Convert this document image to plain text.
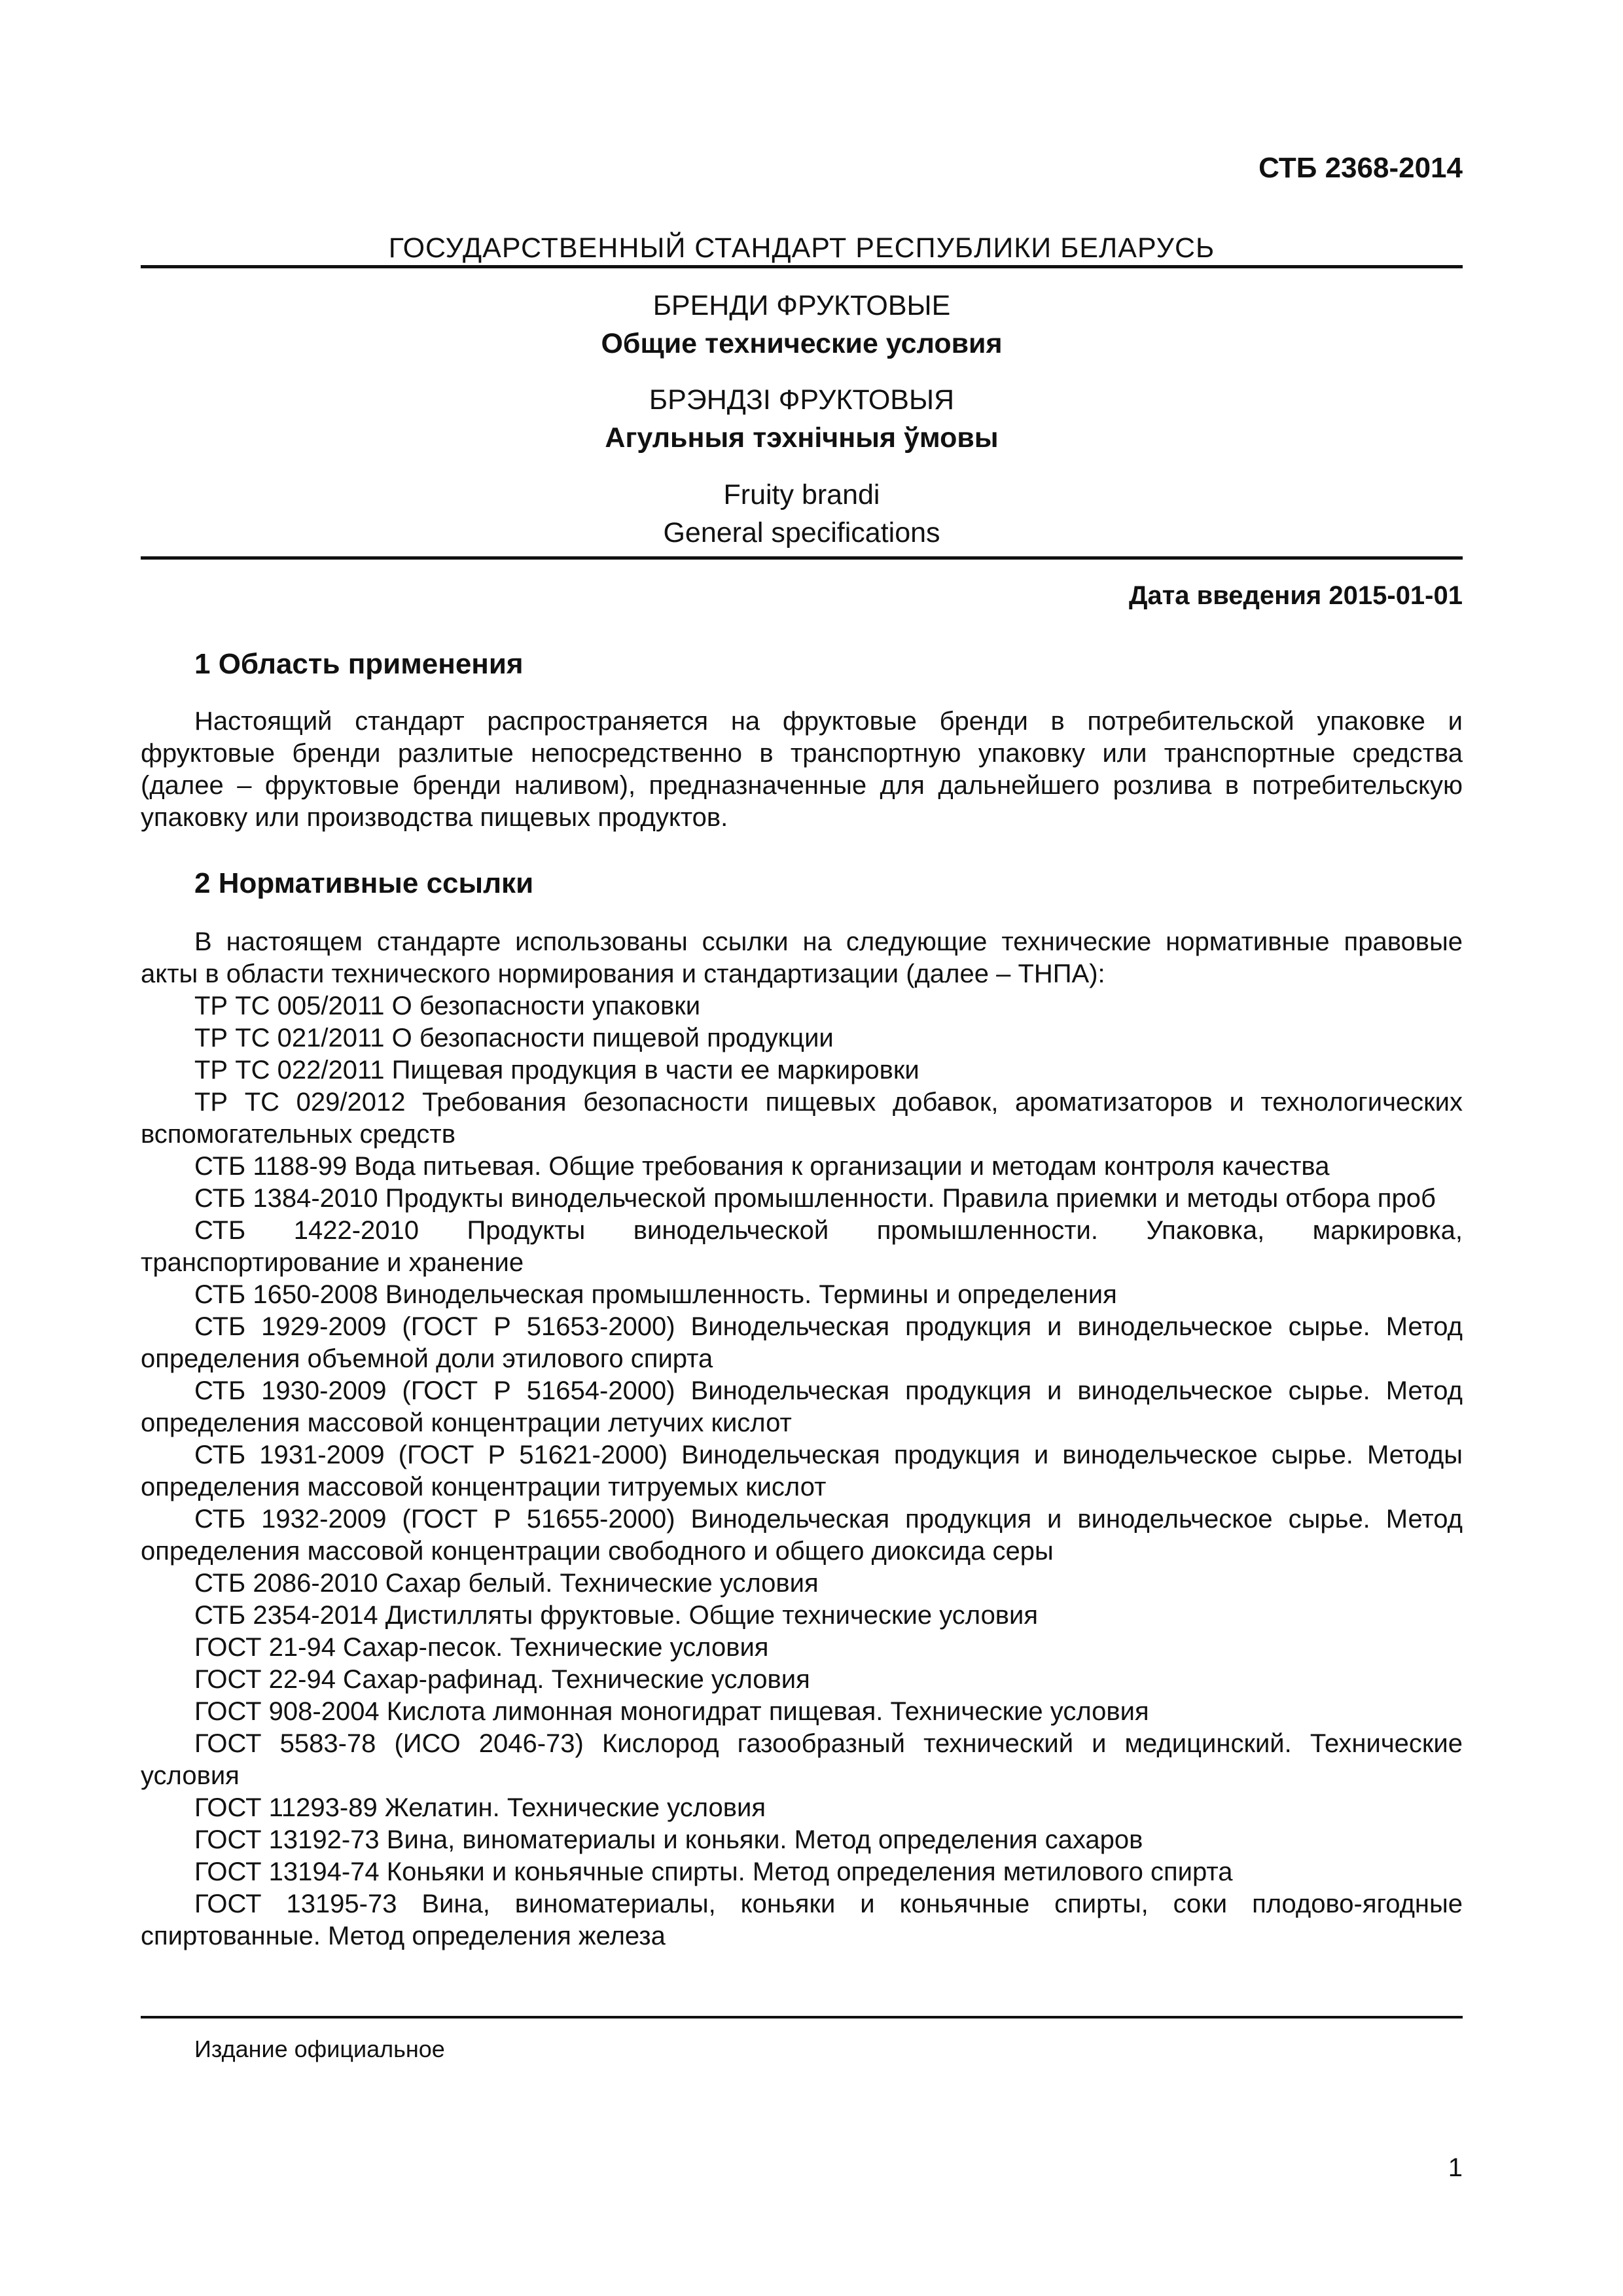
СТБ 2368-2014
ГОСУДАРСТВЕННЫЙ СТАНДАРТ РЕСПУБЛИКИ БЕЛАРУСЬ
БРЕНДИ ФРУКТОВЫЕ
Общие технические условия
БРЭНДЗІ ФРУКТОВЫЯ
Агульныя тэхнічныя ўмовы
Fruity brandi
General specifications
Дата введения 2015-01-01
1 Область применения

Настоящий стандарт распространяется на фруктовые бренди в потребительской упаковке и фруктовые бренди разлитые непосредственно в транспортную упаковку или транспортные средства (далее – фруктовые бренди наливом), предназначенные для дальнейшего розлива в потребительскую упаковку или производства пищевых продуктов.

2 Нормативные ссылки

В настоящем стандарте использованы ссылки на следующие технические нормативные правовые акты в области технического нормирования и стандартизации (далее – ТНПА):

ТР ТС 005/2011 О безопасности упаковки

ТР ТС 021/2011 О безопасности пищевой продукции

ТР ТС 022/2011 Пищевая продукция в части ее маркировки

ТР ТС 029/2012 Требования безопасности пищевых добавок, ароматизаторов и технологических вспомогательных средств

СТБ 1188-99 Вода питьевая. Общие требования к организации и методам контроля качества

СТБ 1384-2010 Продукты винодельческой промышленности. Правила приемки и методы отбора проб

СТБ 1422-2010 Продукты винодельческой промышленности. Упаковка, маркировка, транспортирование и хранение

СТБ 1650-2008 Винодельческая промышленность. Термины и определения

СТБ 1929-2009 (ГОСТ Р 51653-2000) Винодельческая продукция и винодельческое сырье. Метод определения объемной доли этилового спирта

СТБ 1930-2009 (ГОСТ Р 51654-2000) Винодельческая продукция и винодельческое сырье. Метод определения массовой концентрации летучих кислот

СТБ 1931-2009 (ГОСТ Р 51621-2000) Винодельческая продукция и винодельческое сырье. Методы определения массовой концентрации титруемых кислот

СТБ 1932-2009 (ГОСТ Р 51655-2000) Винодельческая продукция и винодельческое сырье. Метод определения массовой концентрации свободного и общего диоксида серы

СТБ 2086-2010 Сахар белый. Технические условия

СТБ 2354-2014 Дистилляты фруктовые. Общие технические условия

ГОСТ 21-94 Сахар-песок. Технические условия

ГОСТ 22-94 Сахар-рафинад. Технические условия

ГОСТ 908-2004 Кислота лимонная моногидрат пищевая. Технические условия

ГОСТ 5583-78 (ИСО 2046-73) Кислород газообразный технический и медицинский. Технические условия

ГОСТ 11293-89 Желатин. Технические условия

ГОСТ 13192-73 Вина, виноматериалы и коньяки. Метод определения сахаров

ГОСТ 13194-74 Коньяки и коньячные спирты. Метод определения метилового спирта

ГОСТ 13195-73 Вина, виноматериалы, коньяки и коньячные спирты, соки плодово-ягодные спиртованные. Метод определения железа

Издание официальное
1
